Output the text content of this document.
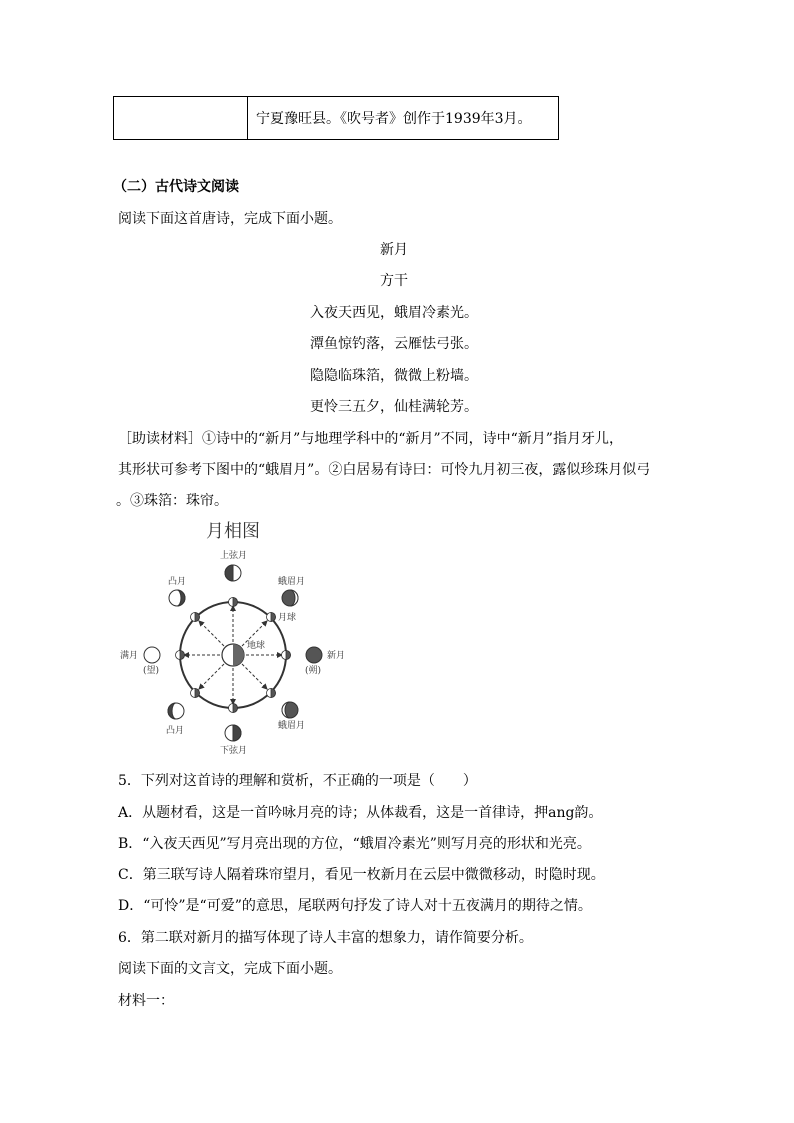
	宁夏豫旺县。《吹号者》创作于1939年3月。
（二）古代诗文阅读
阅读下面这首唐诗，完成下面小题。
新月
方干
入夜天西见，蛾眉冷素光。
潭鱼惊钓落，云雁怯弓张。
隐隐临珠箔，微微上粉墙。
更怜三五夕，仙桂满轮芳。
［助读材料］①诗中的“新月”与地理学科中的“新月”不同，诗中“新月”指月牙儿，
其形状可参考下图中的“蛾眉月”。②白居易有诗曰：可怜九月初三夜，露似珍珠月似弓
。③珠箔：珠帘。
月相图
地球
上弦月
蛾眉月
月球
新月
(朔)
蛾眉月
下弦月
凸月
满月
(望)
凸月
5．下列对这首诗的理解和赏析，不正确的一项是（　　）
A．从题材看，这是一首吟咏月亮的诗；从体裁看，这是一首律诗，押ang韵。
B．“入夜天西见”写月亮出现的方位，“蛾眉冷素光”则写月亮的形状和光亮。
C．第三联写诗人隔着珠帘望月，看见一枚新月在云层中微微移动，时隐时现。
D．“可怜”是“可爱”的意思，尾联两句抒发了诗人对十五夜满月的期待之情。
6．第二联对新月的描写体现了诗人丰富的想象力，请作简要分析。
阅读下面的文言文，完成下面小题。
材料一：
